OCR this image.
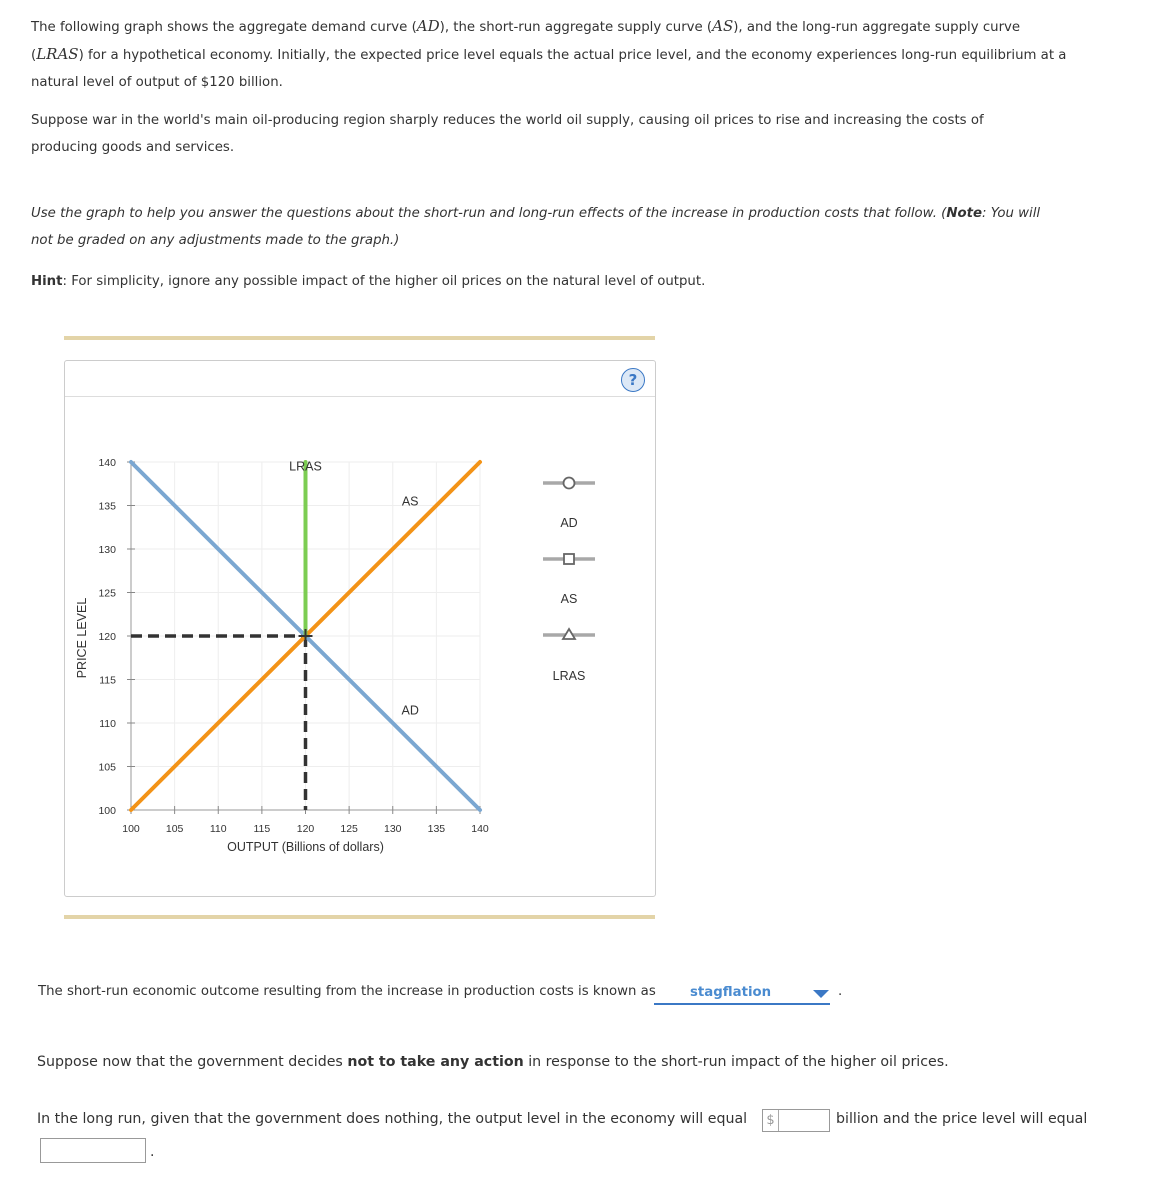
The following graph shows the aggregate demand curve (AD), the short-run aggregate supply curve (AS), and the long-run aggregate supply curve
(LRAS) for a hypothetical economy. Initially, the expected price level equals the actual price level, and the economy experiences long-run equilibrium at a natural level of output of $120 billion.
Suppose war in the world's main oil-producing region sharply reduces the world oil supply, causing oil prices to rise and increasing the costs of producing goods and services.
Use the graph to help you answer the questions about the short-run and long-run effects of the increase in production costs that follow. (Note: You will not be graded on any adjustments made to the graph.)
Hint: For simplicity, ignore any possible impact of the higher oil prices on the natural level of output.
?
100 105	110	115	120 125 130 135 140
100
105
110
115
120
125
130
135
140
OUTPUT (Billions of dollars)
PRICE LEVEL
LRAS
AS
AD
AD
AS
LRAS
The short-run economic outcome resulting from the increase in production costs is known as	stagflation	.
Suppose now that the government decides not to take any action in response to the short-run impact of the higher oil prices.
In the long run, given that the government does nothing, the output level in the economy will equal $	billion and the price level will equal
.
